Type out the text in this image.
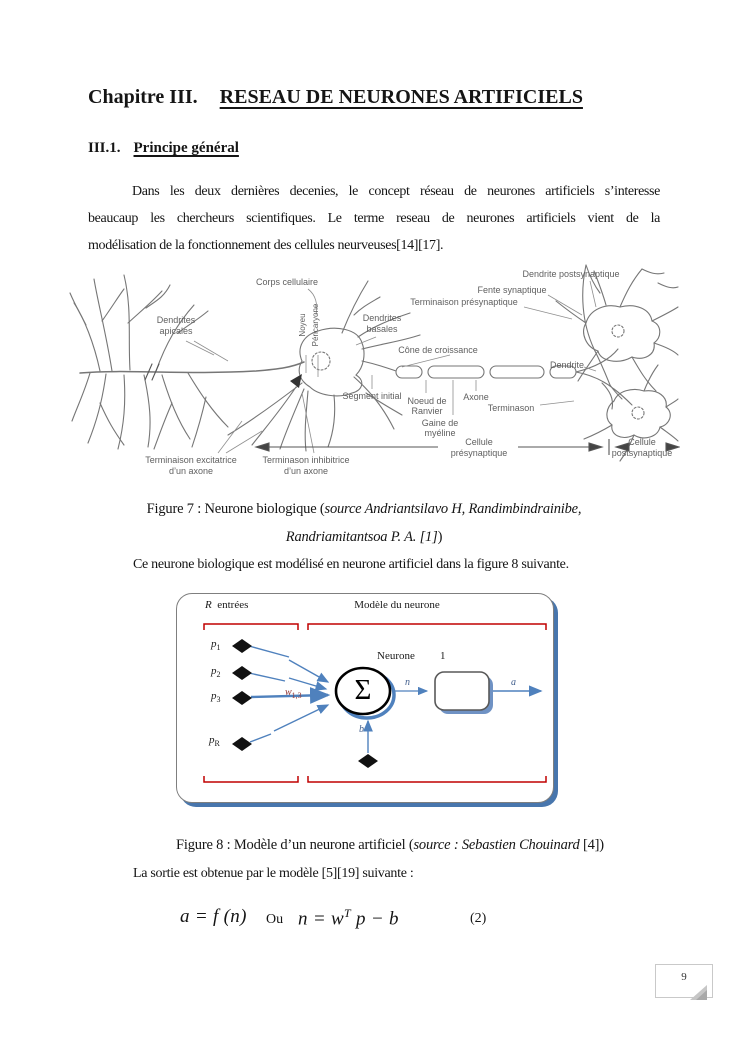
Chapitre III. RESEAU DE NEURONES ARTIFICIELS
III.1. Principe général
Dans les deux dernières decenies, le concept réseau de neurones artificiels s’interesse
beaucaup les chercheurs scientifiques. Le terme reseau de neurones artificiels vient de la
modélisation de la fonctionnement des cellules neurveuses[14][17].
Corps cellulaire
Dendrites
apicales	Noyeu Péricaryone	Dendrites
basales
Cône de croissance
Dendrite postsynaptique
Fente synaptique
Terminaison présynaptique
Segment initial Noeud de
Ranvier
Axone
Gaine de
myéline
Terminason
Dendrite
Cellule
présynaptique
Cellule
postsynaptique
Terminaison excitatrice
d’un axone
Terminason inhibitrice
d’un axone
Figure 7 : Neurone biologique (source Andriantsilavo H, Randimbindrainibe,
Randriamitantsoa P. A. [1])
Ce neurone biologique est modélisé en neurone artificiel dans la figure 8 suivante.
R entrées	Modèle du neurone
$p_1$
$p_2$
$p_3$
$p_R$
$w_{1,3}$ Σ
Neurone 1
n	a
b
Figure 8 : Modèle d’un neurone artificiel (source : Sebastien Chouinard [4])
La sortie est obtenue par le modèle [5][19] suivante :
a = f (n) Ou $n = w^T$ p − b	(2)
9
